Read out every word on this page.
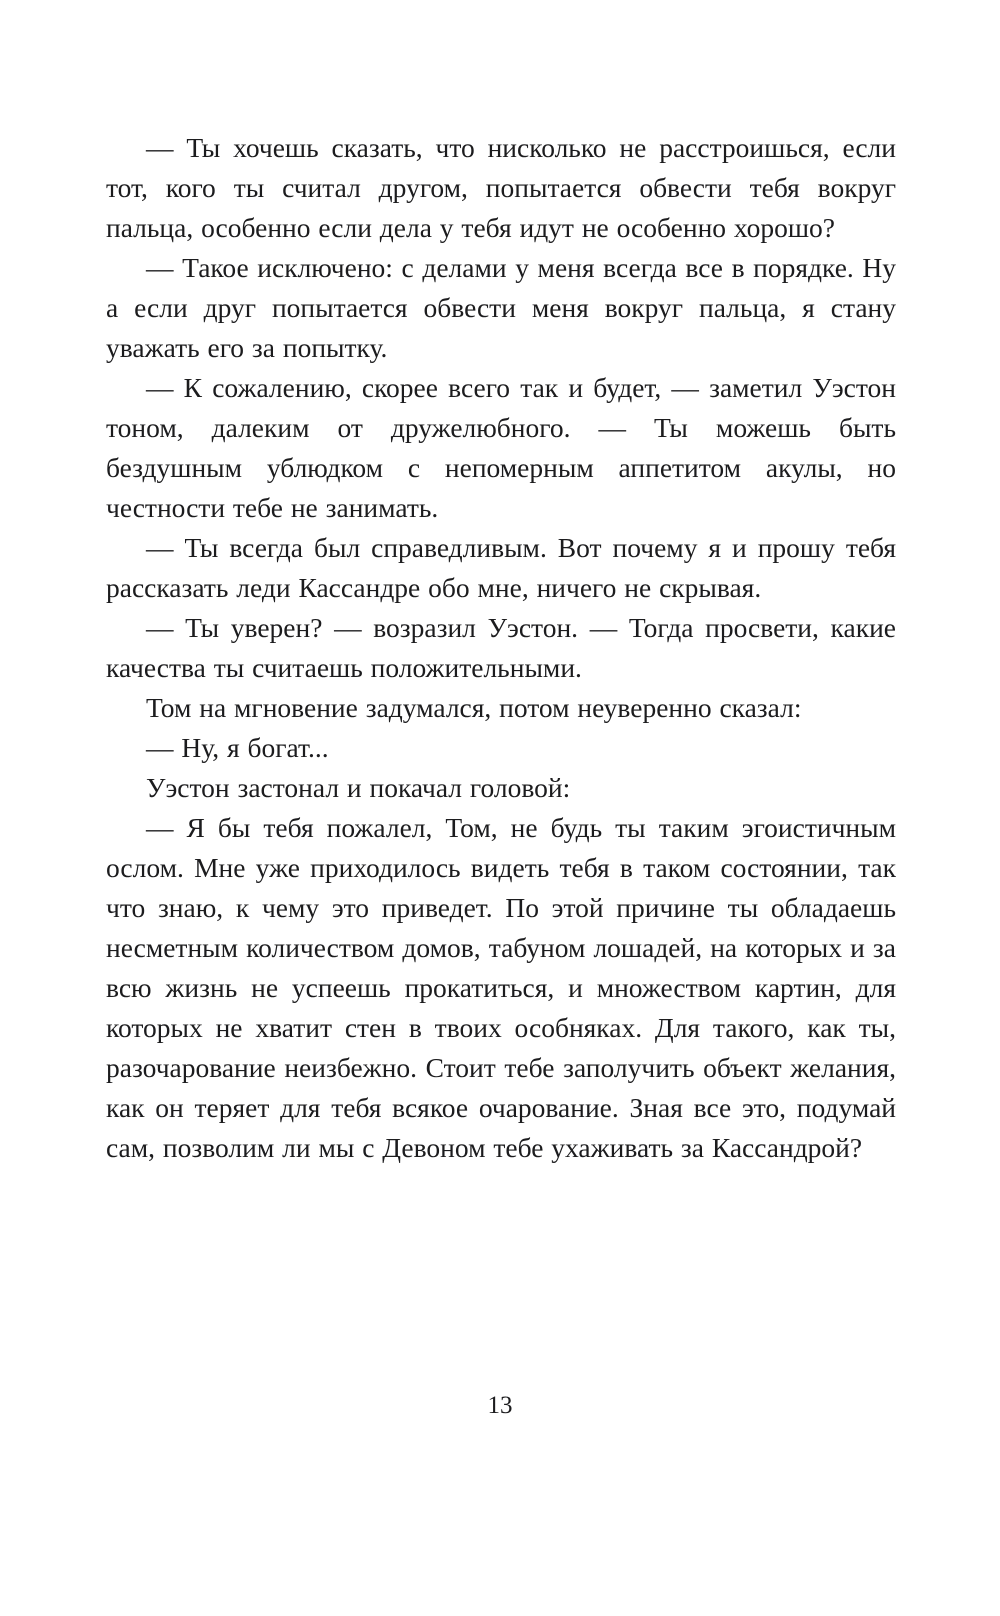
— Ты хочешь сказать, что нисколько не расстроишься, если тот, кого ты считал другом, попытается обвести тебя вокруг пальца, особенно если дела у тебя идут не особенно хорошо?

— Такое исключено: с делами у меня всегда все в порядке. Ну а если друг попытается обвести меня вокруг пальца, я стану уважать его за попытку.

— К сожалению, скорее всего так и будет, — заметил Уэстон тоном, далеким от дружелюбного. — Ты можешь быть бездушным ублюдком с непомерным аппетитом акулы, но честности тебе не занимать.

— Ты всегда был справедливым. Вот почему я и прошу тебя рассказать леди Кассандре обо мне, ничего не скрывая.

— Ты уверен? — возразил Уэстон. — Тогда просвети, какие качества ты считаешь положительными.

Том на мгновение задумался, потом неуверенно сказал:

— Ну, я богат...

Уэстон застонал и покачал головой:

— Я бы тебя пожалел, Том, не будь ты таким эгоистичным ослом. Мне уже приходилось видеть тебя в таком состоянии, так что знаю, к чему это приведет. По этой причине ты обладаешь несметным количеством домов, табуном лошадей, на которых и за всю жизнь не успеешь прокатиться, и множеством картин, для которых не хватит стен в твоих особняках. Для такого, как ты, разочарование неизбежно. Стоит тебе заполучить объект желания, как он теряет для тебя всякое очарование. Зная все это, подумай сам, позволим ли мы с Девоном тебе ухаживать за Кассандрой?

13
